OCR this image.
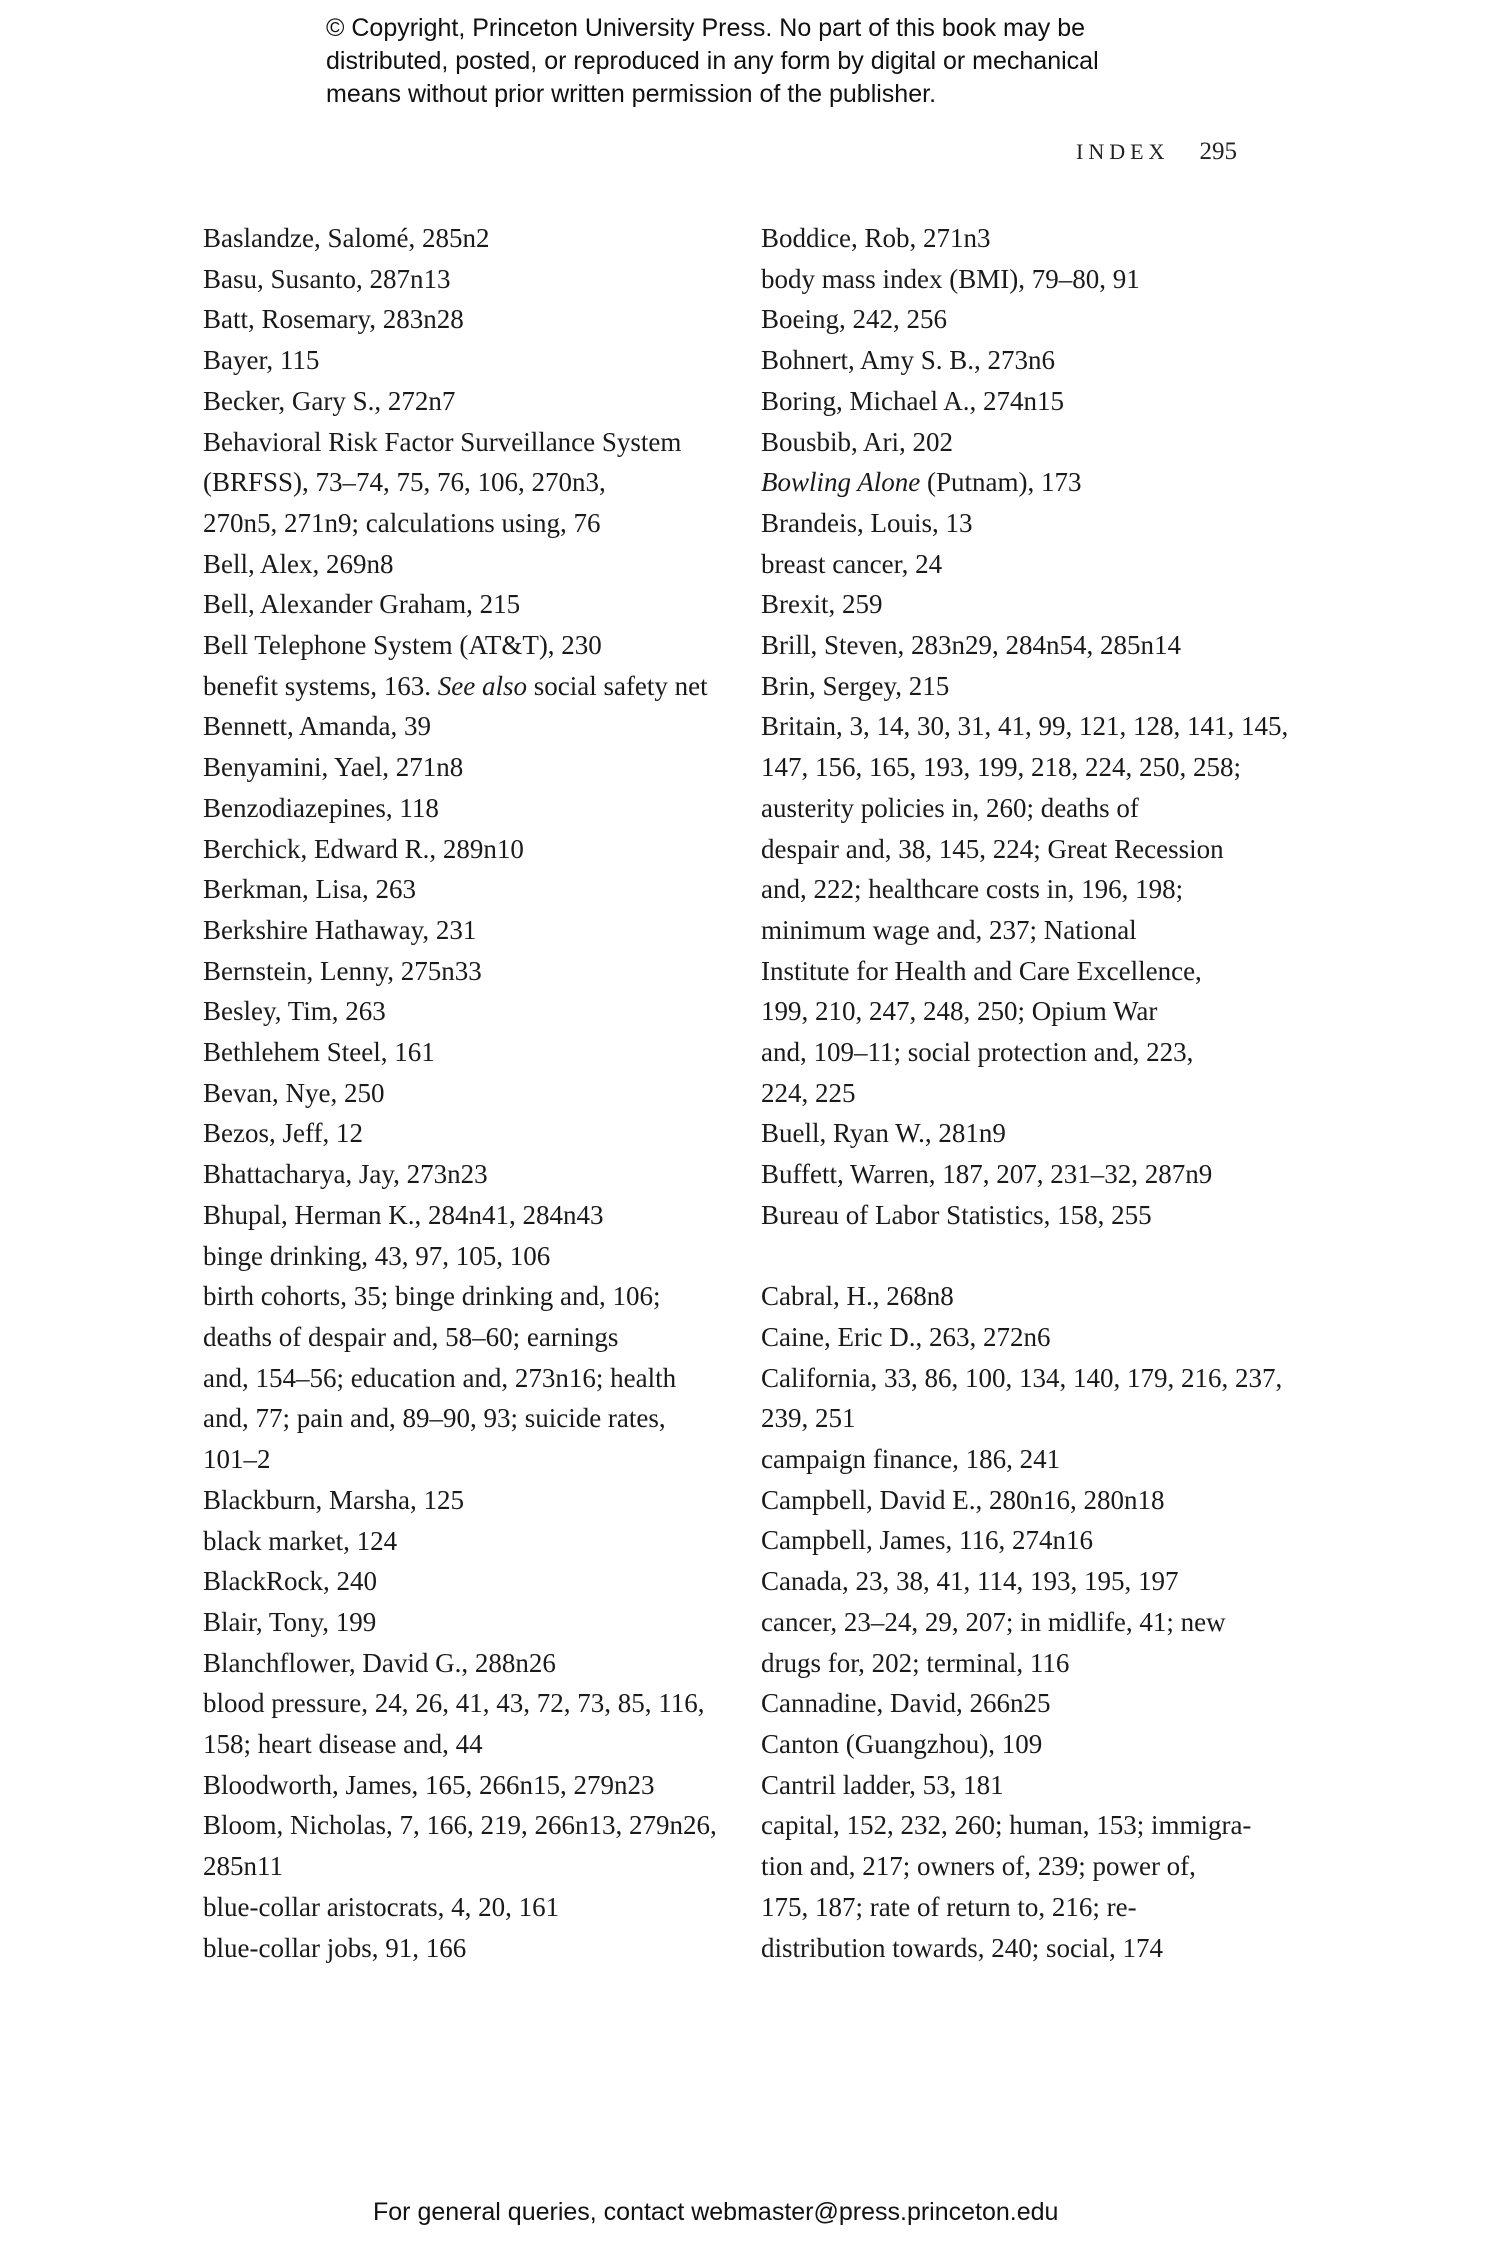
© Copyright, Princeton University Press. No part of this book may be
distributed, posted, or reproduced in any form by digital or mechanical
means without prior written permission of the publisher.
INDEX 295
Baslandze, Salomé, 285n2
Basu, Susanto, 287n13
Batt, Rosemary, 283n28
Bayer, 115
Becker, Gary S., 272n7
Behavioral Risk Factor Surveillance System
(BRFSS), 73–74, 75, 76, 106, 270n3,
270n5, 271n9; calculations using, 76
Bell, Alex, 269n8
Bell, Alexander Graham, 215
Bell Telephone System (AT&T), 230
benefit systems, 163. See also social safety net
Bennett, Amanda, 39
Benyamini, Yael, 271n8
Benzodiazepines, 118
Berchick, Edward R., 289n10
Berkman, Lisa, 263
Berkshire Hathaway, 231
Bernstein, Lenny, 275n33
Besley, Tim, 263
Bethlehem Steel, 161
Bevan, Nye, 250
Bezos, Jeff, 12
Bhattacharya, Jay, 273n23
Bhupal, Herman K., 284n41, 284n43
binge drinking, 43, 97, 105, 106
birth cohorts, 35; binge drinking and, 106;
deaths of despair and, 58–60; earnings
and, 154–56; education and, 273n16; health
and, 77; pain and, 89–90, 93; suicide rates,
101–2
Blackburn, Marsha, 125
black market, 124
BlackRock, 240
Blair, Tony, 199
Blanchflower, David G., 288n26
blood pressure, 24, 26, 41, 43, 72, 73, 85, 116,
158; heart disease and, 44
Bloodworth, James, 165, 266n15, 279n23
Bloom, Nicholas, 7, 166, 219, 266n13, 279n26,
285n11
blue-collar aristocrats, 4, 20, 161
blue-collar jobs, 91, 166
Boddice, Rob, 271n3
body mass index (BMI), 79–80, 91
Boeing, 242, 256
Bohnert, Amy S. B., 273n6
Boring, Michael A., 274n15
Bousbib, Ari, 202
Bowling Alone (Putnam), 173
Brandeis, Louis, 13
breast cancer, 24
Brexit, 259
Brill, Steven, 283n29, 284n54, 285n14
Brin, Sergey, 215
Britain, 3, 14, 30, 31, 41, 99, 121, 128, 141, 145,
147, 156, 165, 193, 199, 218, 224, 250, 258;
austerity policies in, 260; deaths of
despair and, 38, 145, 224; Great Recession
and, 222; healthcare costs in, 196, 198;
minimum wage and, 237; National
Institute for Health and Care Excellence,
199, 210, 247, 248, 250; Opium War
and, 109–11; social protection and, 223,
224, 225
Buell, Ryan W., 281n9
Buffett, Warren, 187, 207, 231–32, 287n9
Bureau of Labor Statistics, 158, 255
Cabral, H., 268n8
Caine, Eric D., 263, 272n6
California, 33, 86, 100, 134, 140, 179, 216, 237,
239, 251
campaign finance, 186, 241
Campbell, David E., 280n16, 280n18
Campbell, James, 116, 274n16
Canada, 23, 38, 41, 114, 193, 195, 197
cancer, 23–24, 29, 207; in midlife, 41; new
drugs for, 202; terminal, 116
Cannadine, David, 266n25
Canton (Guangzhou), 109
Cantril ladder, 53, 181
capital, 152, 232, 260; human, 153; immigra-
tion and, 217; owners of, 239; power of,
175, 187; rate of return to, 216; re-
distribution towards, 240; social, 174
For general queries, contact webmaster@press.princeton.edu
